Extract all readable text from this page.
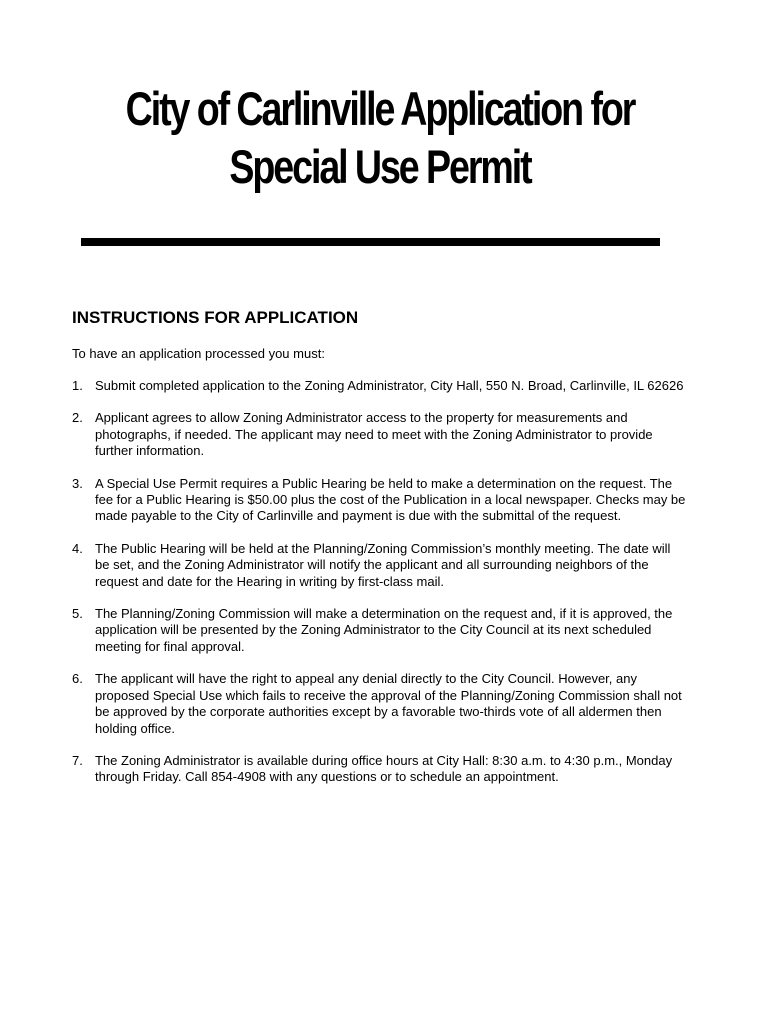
City of Carlinville Application for
Special Use Permit
INSTRUCTIONS FOR APPLICATION

To have an application processed you must:

1. Submit completed application to the Zoning Administrator, City Hall, 550 N. Broad, Carlinville, IL 62626
2. Applicant agrees to allow Zoning Administrator access to the property for measurements and photographs, if needed. The applicant may need to meet with the Zoning Administrator to provide further information.
3. A Special Use Permit requires a Public Hearing be held to make a determination on the request. The fee for a Public Hearing is $50.00 plus the cost of the Publication in a local newspaper. Checks may be made payable to the City of Carlinville and payment is due with the submittal of the request.
4. The Public Hearing will be held at the Planning/Zoning Commission’s monthly meeting. The date will be set, and the Zoning Administrator will notify the applicant and all surrounding neighbors of the request and date for the Hearing in writing by first-class mail.
5. The Planning/Zoning Commission will make a determination on the request and, if it is approved, the application will be presented by the Zoning Administrator to the City Council at its next scheduled meeting for final approval.
6. The applicant will have the right to appeal any denial directly to the City Council. However, any proposed Special Use which fails to receive the approval of the Planning/Zoning Commission shall not be approved by the corporate authorities except by a favorable two-thirds vote of all aldermen then holding office.
7. The Zoning Administrator is available during office hours at City Hall: 8:30 a.m. to 4:30 p.m., Monday through Friday. Call 854-4908 with any questions or to schedule an appointment.
